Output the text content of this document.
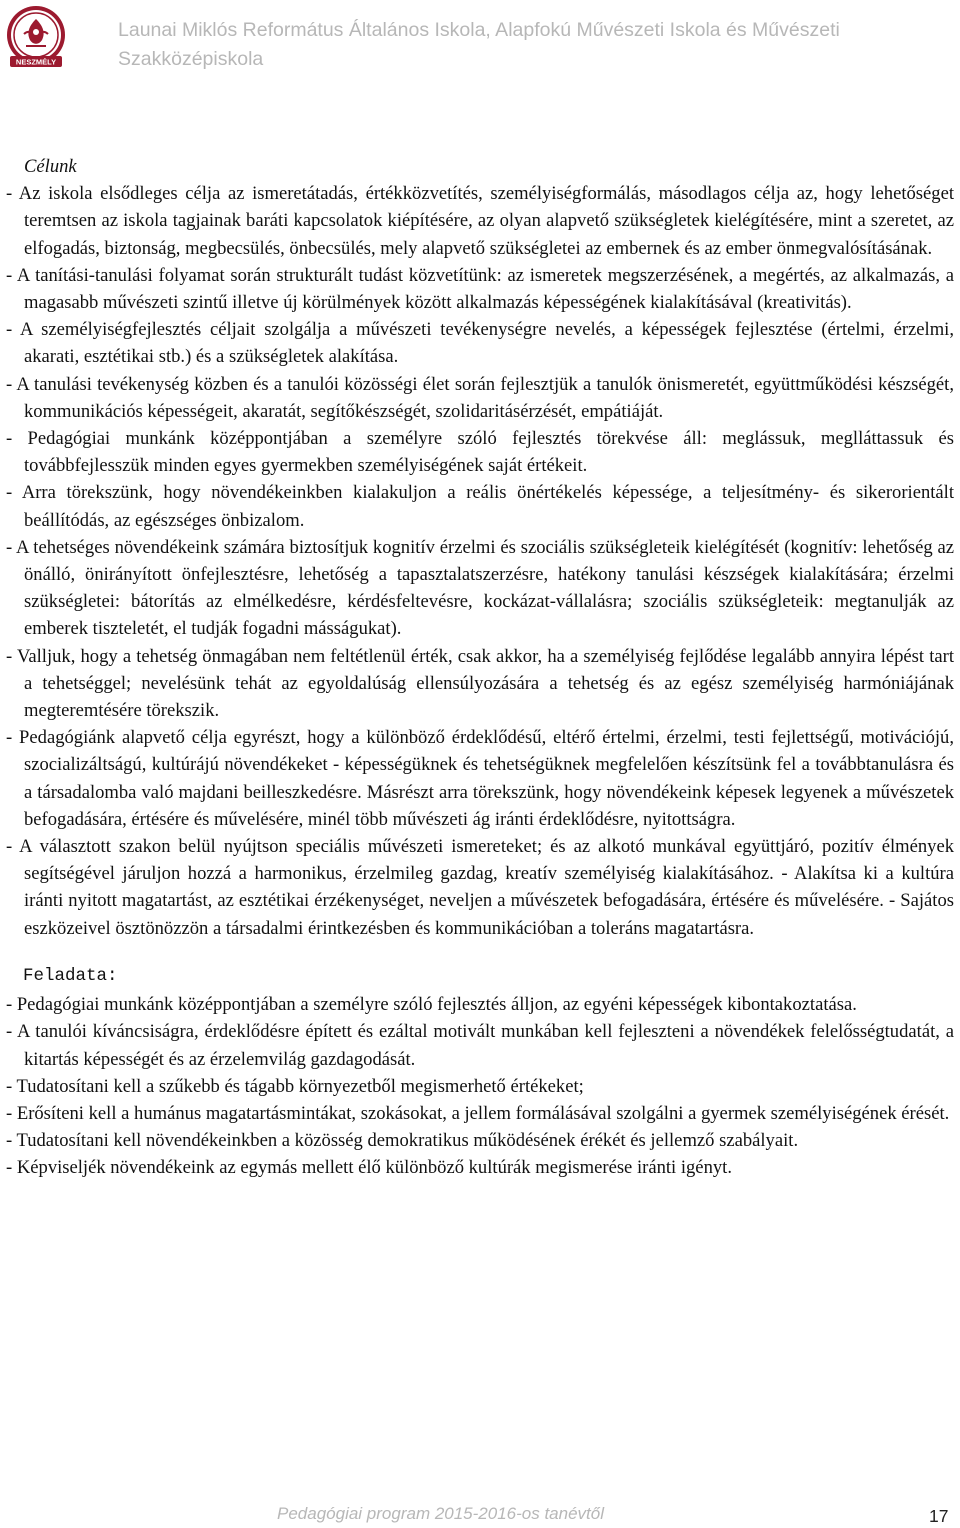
NESZMÉLY
Launai Miklós Református Általános Iskola, Alapfokú Művészeti Iskola és Művészeti
Szakközépiskola

Célunk

- Az iskola elsődleges célja az ismeretátadás, értékközvetítés, személyiségformálás, másodlagos célja az, hogy lehetőséget teremtsen az iskola tagjainak baráti kapcsolatok kiépítésére, az olyan alapvető szükségletek kielégítésére, mint a szeretet, az elfogadás, biztonság, megbecsülés, önbecsülés, mely alapvető szükségletei az embernek és az ember önmegvalósításának.

- A tanítási-tanulási folyamat során strukturált tudást közvetítünk: az ismeretek megszerzésének, a megértés, az alkalmazás, a magasabb művészeti szintű illetve új körülmények között alkalmazás képességének kialakításával (kreativitás).

- A személyiségfejlesztés céljait szolgálja a művészeti tevékenységre nevelés, a képességek fejlesztése (értelmi, érzelmi, akarati, esztétikai stb.) és a szükségletek alakítása.

- A tanulási tevékenység közben és a tanulói közösségi élet során fejlesztjük a tanulók önismeretét, együttműködési készségét, kommunikációs képességeit, akaratát, segítőkészségét, szolidaritásérzését, empátiáját.

- Pedagógiai munkánk középpontjában a személyre szóló fejlesztés törekvése áll: meglássuk, meglláttassuk és továbbfejlesszük minden egyes gyermekben személyiségének saját értékeit.

- Arra törekszünk, hogy növendékeinkben kialakuljon a reális önértékelés képessége, a teljesítmény- és sikerorientált beállítódás, az egészséges önbizalom.

- A tehetséges növendékeink számára biztosítjuk kognitív érzelmi és szociális szükségleteik kielégítését (kognitív: lehetőség az önálló, önirányított önfejlesztésre, lehetőség a tapasztalatszerzésre, hatékony tanulási készségek kialakítására; érzelmi szükségletei: bátorítás az elmélkedésre, kérdésfeltevésre, kockázat-vállalásra; szociális szükségleteik: megtanulják az emberek tiszteletét, el tudják fogadni másságukat).

- Valljuk, hogy a tehetség önmagában nem feltétlenül érték, csak akkor, ha a személyiség fejlődése legalább annyira lépést tart a tehetséggel; nevelésünk tehát az egyoldalúság ellensúlyozására a tehetség és az egész személyiség harmóniájának megteremtésére törekszik.

- Pedagógiánk alapvető célja egyrészt, hogy a különböző érdeklődésű, eltérő értelmi, érzelmi, testi fejlettségű, motivációjú, szocializáltságú, kultúrájú növendékeket - képességüknek és tehetségüknek megfelelően készítsünk fel a továbbtanulásra és a társadalomba való majdani beilleszkedésre. Másrészt arra törekszünk, hogy növendékeink képesek legyenek a művészetek befogadására, értésére és művelésére, minél több művészeti ág iránti érdeklődésre, nyitottságra.

- A választott szakon belül nyújtson speciális művészeti ismereteket; és az alkotó munkával együttjáró, pozitív élmények segítségével járuljon hozzá a harmonikus, érzelmileg gazdag, kreatív személyiség kialakításához. - Alakítsa ki a kultúra iránti nyitott magatartást, az esztétikai érzékenységet, neveljen a művészetek befogadására, értésére és művelésére. - Sajátos eszközeivel ösztönözzön a társadalmi érintkezésben és kommunikációban a toleráns magatartásra.

Feladata:

- Pedagógiai munkánk középpontjában a személyre szóló fejlesztés álljon, az egyéni képességek kibontakoztatása.

- A tanulói kíváncsiságra, érdeklődésre épített és ezáltal motivált munkában kell fejleszteni a növendékek felelősségtudatát, a kitartás képességét és az érzelemvilág gazdagodását.

- Tudatosítani kell a szűkebb és tágabb környezetből megismerhető értékeket;

- Erősíteni kell a humánus magatartásmintákat, szokásokat, a jellem formálásával szolgálni a gyermek személyiségének érését.

- Tudatosítani kell növendékeinkben a közösség demokratikus működésének érékét és jellemző szabályait.

- Képviseljék növendékeink az egymás mellett élő különböző kultúrák megismerése iránti igényt.

Pedagógiai program 2015-2016-os tanévtől	17
